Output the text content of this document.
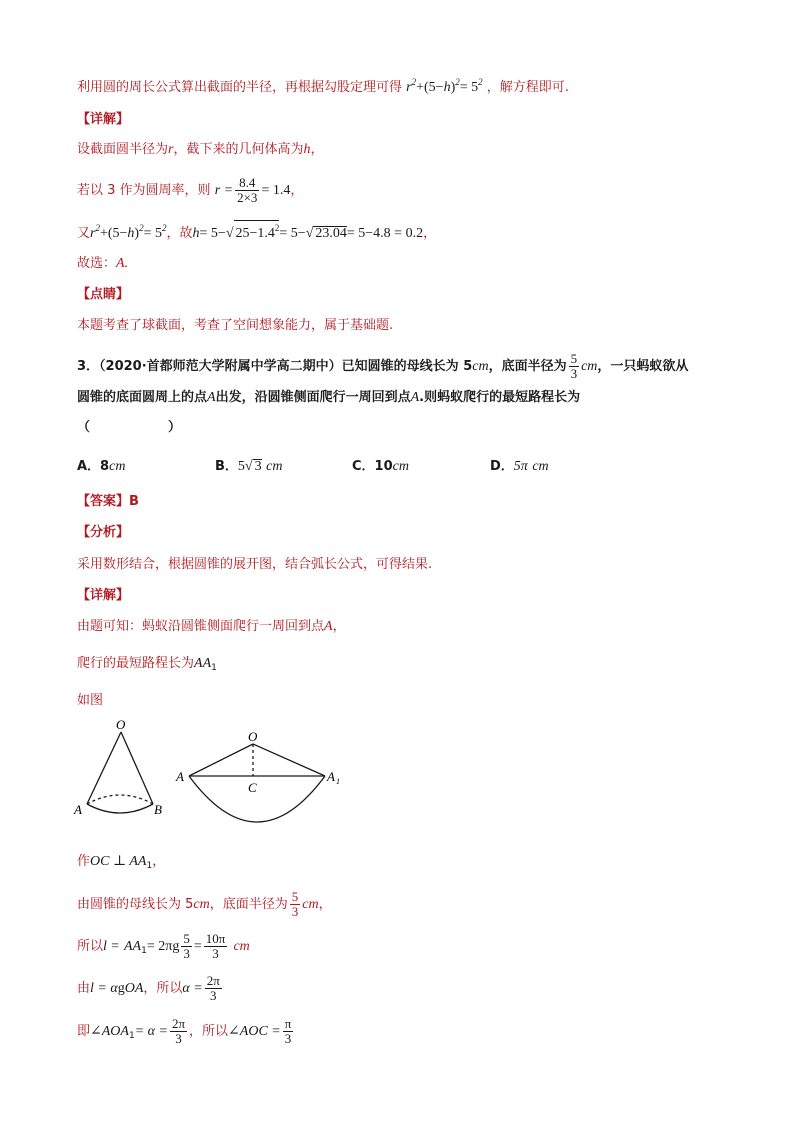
利用圆的周长公式算出截面的半径，再根据勾股定理可得 $r^2+(5-h)^2= 5^2$ ，解方程即可.
【详解】
设截面圆半径为r，截下来的几何体高为h，
若以 3 作为圆周率，则 $r = \frac{8.4}{2\times 3} = 1.4$，
又$r^2+(5-h)^2= 5^2$，故h= 5−√ $25-1.4^2= 5-√$ 23.04= 5−4.8 = 0.2，
故选：A.
【点睛】
本题考查了球截面，考查了空间想象能力，属于基础题.
3．（2020·首都师范大学附属中学高二期中）已知圆锥的母线长为 5cm，底面半径为 $\frac{5}{3}$ cm，一只蚂蚁欲从
圆锥的底面圆周上的点A出发，沿圆锥侧面爬行一周回到点A.则蚂蚁爬行的最短路程长为
（　　　　　　）
A．8cm	B．5√ 3 cm	C．10cm	D．5π cm
【答案】B
【分析】
采用数形结合，根据圆锥的展开图，结合弧长公式，可得结果.
【详解】
由题可知：蚂蚁沿圆锥侧面爬行一周回到点A，
爬行的最短路程长为$AA_1$
如图
O
A	B
O
A
C
A 1
作OC ⊥ $AA_1$，
由圆锥的母线长为 5cm，底面半径为 $\frac{5}{3}$ cm，
所以$l = AA_1= 2\pi g \frac{5}{3} = \frac{10\pi}{3}$ cm
由l = αgOA，所以$\alpha = \frac{2\pi}{3}$
即$\angle AOA_1= \alpha = \frac{2\pi}{3}$ ，所以∠AOC = $\frac{\pi}{3}$
